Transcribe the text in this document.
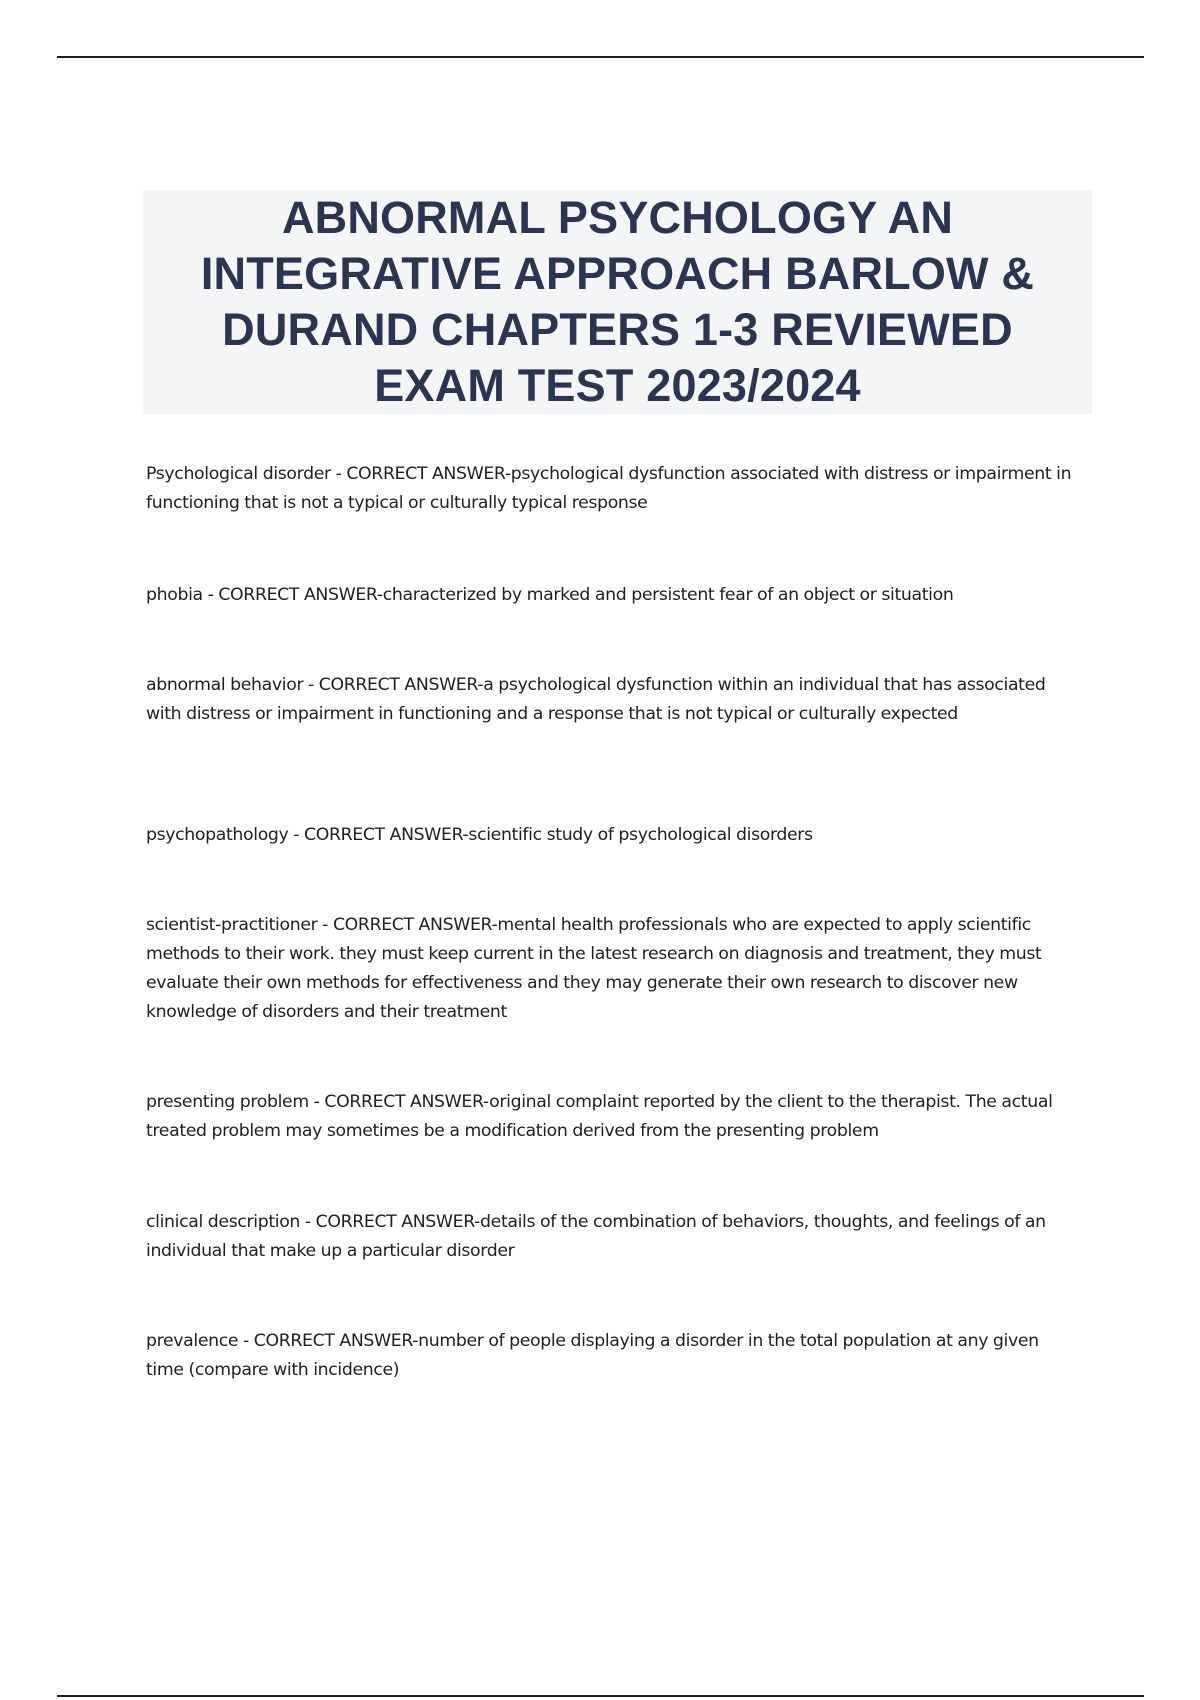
ABNORMAL PSYCHOLOGY AN INTEGRATIVE APPROACH BARLOW & DURAND CHAPTERS 1-3 REVIEWED EXAM TEST 2023/2024

Psychological disorder - CORRECT ANSWER-psychological dysfunction associated with distress or impairment in functioning that is not a typical or culturally typical response

phobia - CORRECT ANSWER-characterized by marked and persistent fear of an object or situation

abnormal behavior - CORRECT ANSWER-a psychological dysfunction within an individual that has associated with distress or impairment in functioning and a response that is not typical or culturally expected

psychopathology - CORRECT ANSWER-scientific study of psychological disorders

scientist-practitioner - CORRECT ANSWER-mental health professionals who are expected to apply scientific methods to their work. they must keep current in the latest research on diagnosis and treatment, they must evaluate their own methods for effectiveness and they may generate their own research to discover new knowledge of disorders and their treatment

presenting problem - CORRECT ANSWER-original complaint reported by the client to the therapist. The actual treated problem may sometimes be a modification derived from the presenting problem

clinical description - CORRECT ANSWER-details of the combination of behaviors, thoughts, and feelings of an individual that make up a particular disorder

prevalence - CORRECT ANSWER-number of people displaying a disorder in the total population at any given time (compare with incidence)
